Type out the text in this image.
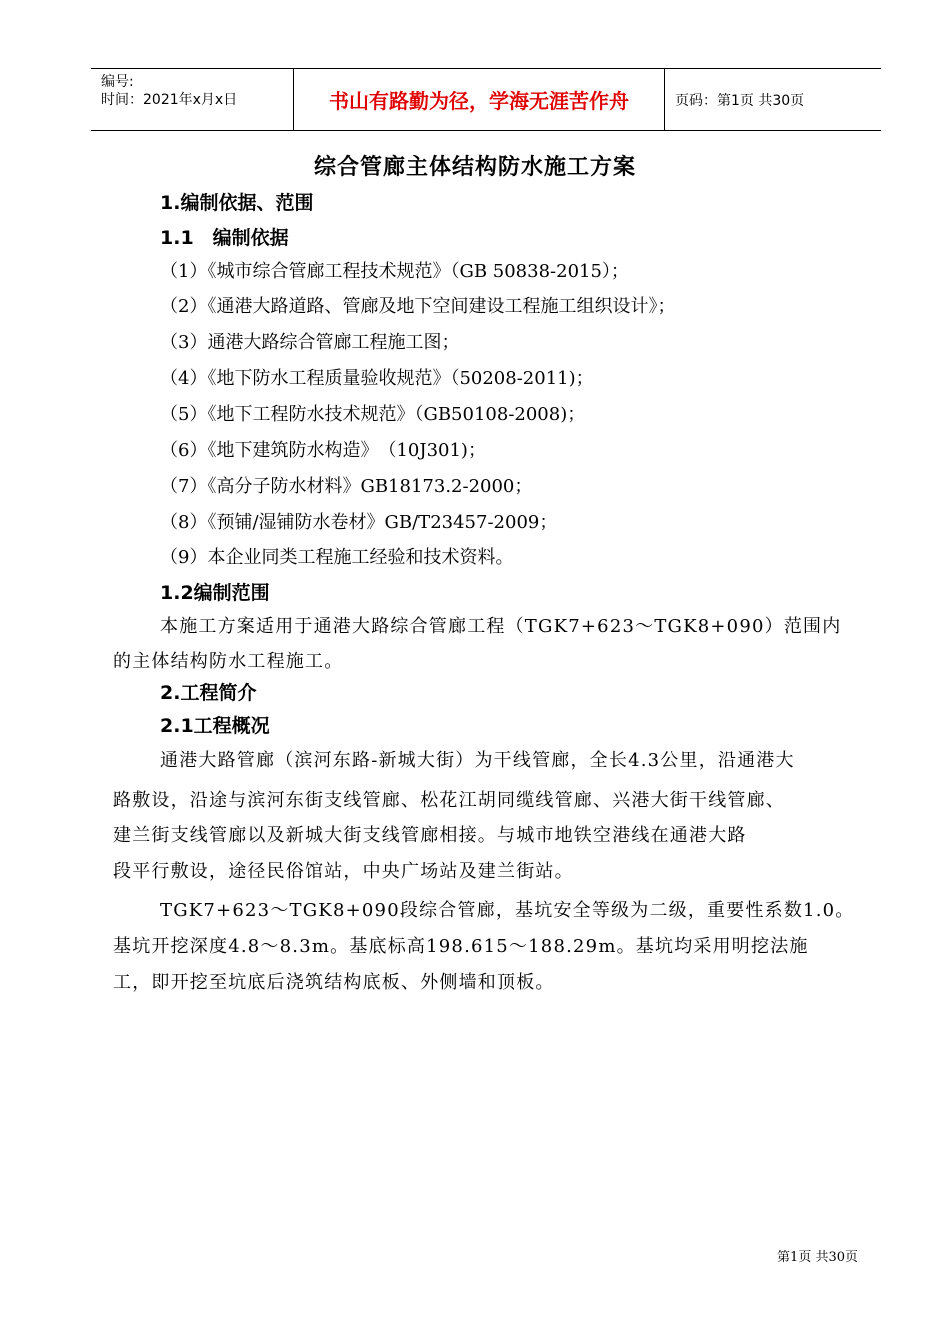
编号:
时间：2021年x月x日	书山有路勤为径，学海无涯苦作舟	页码：第1页 共30页
综合管廊主体结构防水施工方案
1.编制依据、范围
1.1　编制依据
（1）《城市综合管廊工程技术规范》（GB 50838-2015）；
（2）《通港大路道路、管廊及地下空间建设工程施工组织设计》；
（3）通港大路综合管廊工程施工图；
（4）《地下防水工程质量验收规范》（50208-2011)；
（5）《地下工程防水技术规范》（GB50108-2008)；
（6）《地下建筑防水构造》　（10J301)；
（7）《高分子防水材料》GB18173.2-2000；
（8）《预铺/湿铺防水卷材》GB/T23457-2009；
（9）本企业同类工程施工经验和技术资料。
1.2编制范围
本施工方案适用于通港大路综合管廊工程（TGK7+623～TGK8+090）范围内
的主体结构防水工程施工。
2.工程简介
2.1工程概况
通港大路管廊（滨河东路-新城大街）为干线管廊，全长4.3公里，沿通港大
路敷设，沿途与滨河东街支线管廊、松花江胡同缆线管廊、兴港大街干线管廊、
建兰街支线管廊以及新城大街支线管廊相接。与城市地铁空港线在通港大路
段平行敷设，途径民俗馆站，中央广场站及建兰街站。
TGK7+623～TGK8+090段综合管廊，基坑安全等级为二级，重要性系数1.0。
基坑开挖深度4.8～8.3m。基底标高198.615～188.29m。基坑均采用明挖法施
工，即开挖至坑底后浇筑结构底板、外侧墙和顶板。
第1页 共30页
